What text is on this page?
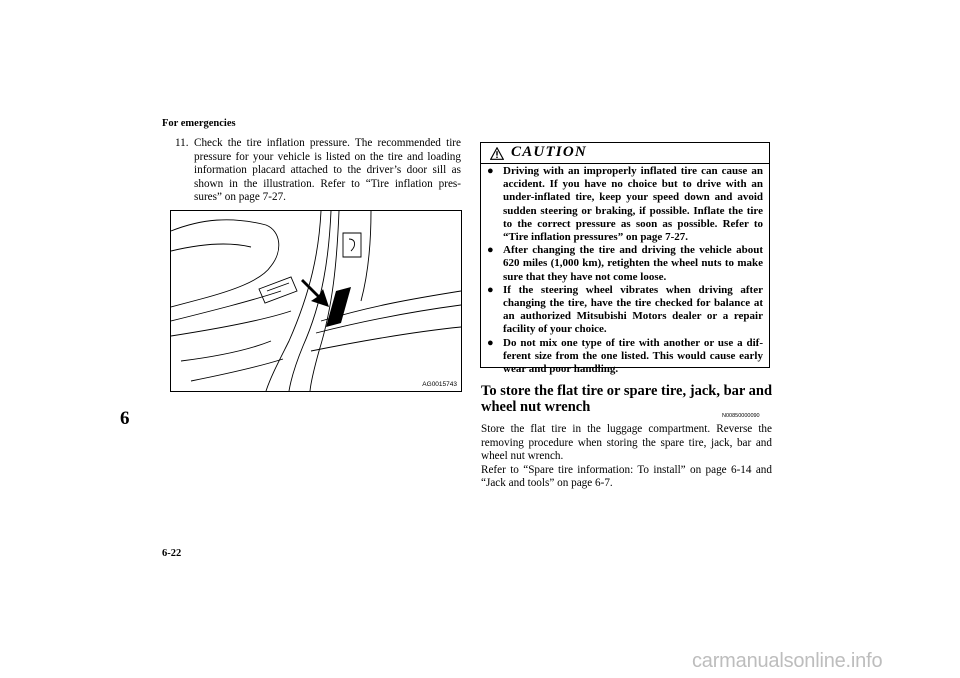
For emergencies
6
6-22
11. Check the tire inflation pressure. The recommended tire pressure for your vehicle is listed on the tire and loading information placard attached to the driver’s door sill as shown in the illustration. Refer to “Tire inflation pres-sures” on page 7-27.
AG0015743
CAUTION
● Driving with an improperly inflated tire can cause an accident. If you have no choice but to drive with an under-inflated tire, keep your speed down and avoid sudden steering or braking, if possible. Inflate the tire to the correct pressure as soon as possible. Refer to “Tire inflation pressures” on page 7-27.
● After changing the tire and driving the vehicle about 620 miles (1,000 km), retighten the wheel nuts to make sure that they have not come loose.
● If the steering wheel vibrates when driving after changing the tire, have the tire checked for balance at an authorized Mitsubishi Motors dealer or a repair facility of your choice.
● Do not mix one type of tire with another or use a dif-ferent size from the one listed. This would cause early wear and poor handling.
To store the flat tire or spare tire, jack, bar and wheel nut wrench
N00850000090

Store the flat tire in the luggage compartment. Reverse the removing procedure when storing the spare tire, jack, bar and wheel nut wrench.

Refer to “Spare tire information: To install” on page 6-14 and “Jack and tools” on page 6-7.

carmanualsonline.info
